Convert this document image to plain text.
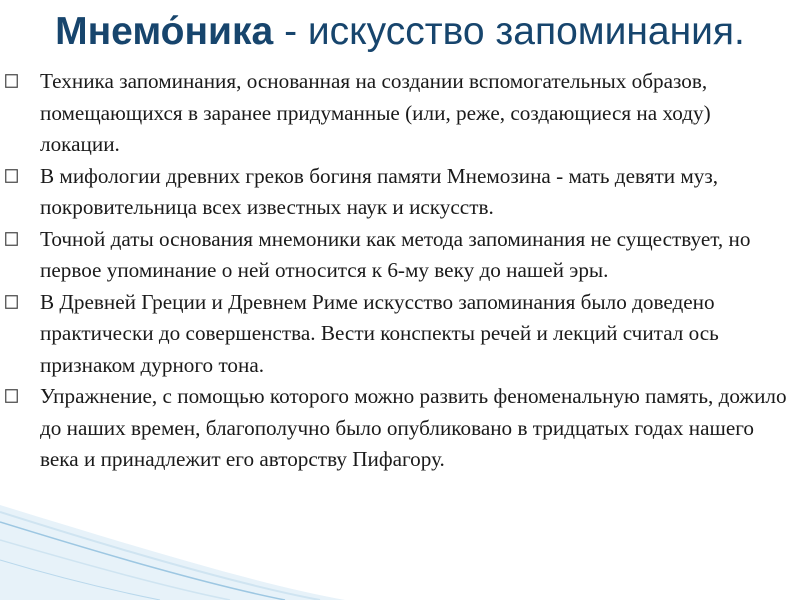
Мнемо́ника - искусство запоминания.
Техника запоминания, основанная на создании вспомогательных образов, помещающихся в заранее придуманные (или, реже, создающиеся на ходу) локации.
В мифологии древних греков богиня памяти Мнемозина - мать девяти муз, покровительница всех известных наук и искусств.
Точной даты основания мнемоники как метода запоминания не существует, но первое упоминание о ней относится к 6-му веку до нашей эры.
В Древней Греции и Древнем Риме искусство запоминания было доведено практически до совершенства. Вести конспекты речей и лекций считал ось признаком дурного тона.
Упражнение, с помощью которого можно развить феноменальную память, дожило до наших времен, благополучно было опубликовано в тридцатых годах нашего века и принадлежит его авторству Пифагору.
